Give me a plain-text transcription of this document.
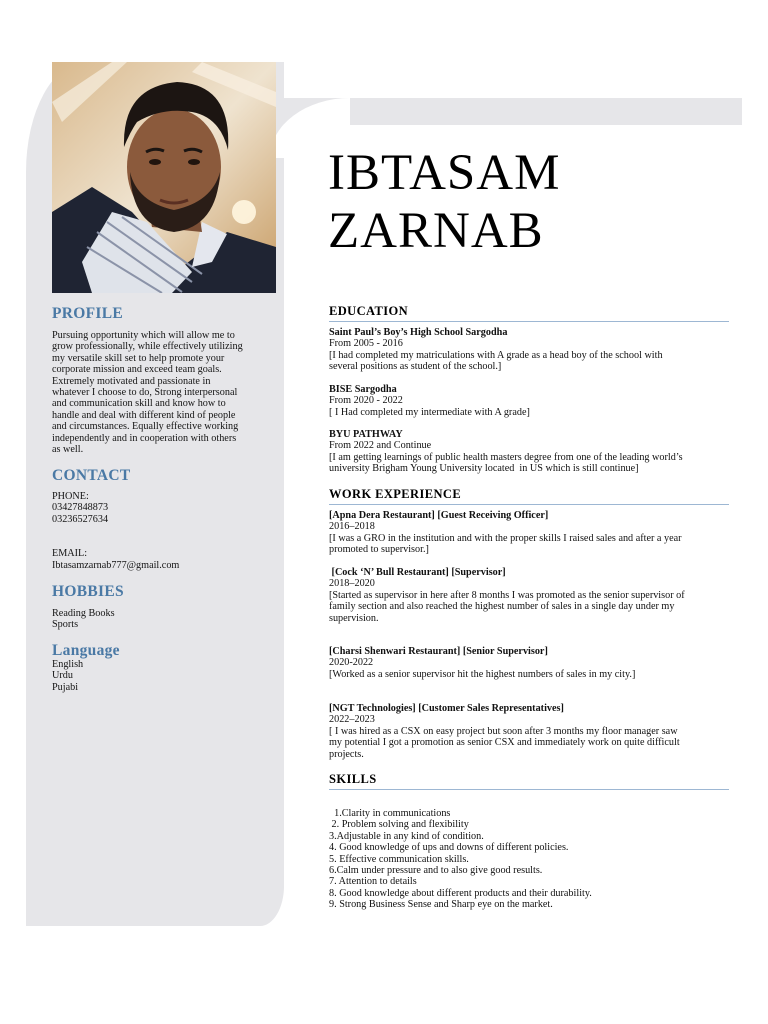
PROFILE
Pursuing opportunity which will allow me to
grow professionally, while effectively utilizing
my versatile skill set to help promote your
corporate mission and exceed team goals.
Extremely motivated and passionate in
whatever I choose to do, Strong interpersonal
and communication skill and know how to
handle and deal with different kind of people
and circumstances. Equally effective working
independently and in cooperation with others
as well.
CONTACT
PHONE:
03427848873
03236527634
EMAIL:
Ibtasamzarnab777@gmail.com
HOBBIES
Reading Books
Sports
Language
English
Urdu
Pujabi
IBTASAM
ZARNAB
EDUCATION
Saint Paul’s Boy’s High School Sargodha
From 2005 - 2016
[I had completed my matriculations with A grade as a head boy of the school with
several positions as student of the school.]
BISE Sargodha
From 2020 - 2022
[ I Had completed my intermediate with A grade]
BYU PATHWAY
From 2022 and Continue
[I am getting learnings of public health masters degree from one of the leading world’s
university Brigham Young University located  in US which is still continue]
WORK EXPERIENCE
[Apna Dera Restaurant] [Guest Receiving Officer]
2016–2018
[I was a GRO in the institution and with the proper skills I raised sales and after a year
promoted to supervisor.]
[Cock ‘N’ Bull Restaurant] [Supervisor]
2018–2020
[Started as supervisor in here after 8 months I was promoted as the senior supervisor of
family section and also reached the highest number of sales in a single day under my
supervision.
[Charsi Shenwari Restaurant] [Senior Supervisor]
2020-2022
[Worked as a senior supervisor hit the highest numbers of sales in my city.]
[NGT Technologies] [Customer Sales Representatives]
2022–2023
[ I was hired as a CSX on easy project but soon after 3 months my floor manager saw
my potential I got a promotion as senior CSX and immediately work on quite difficult
projects.
SKILLS
1.Clarity in communications
2. Problem solving and flexibility
3.Adjustable in any kind of condition.
4. Good knowledge of ups and downs of different policies.
5. Effective communication skills.
6.Calm under pressure and to also give good results.
7. Attention to details
8. Good knowledge about different products and their durability.
9. Strong Business Sense and Sharp eye on the market.
